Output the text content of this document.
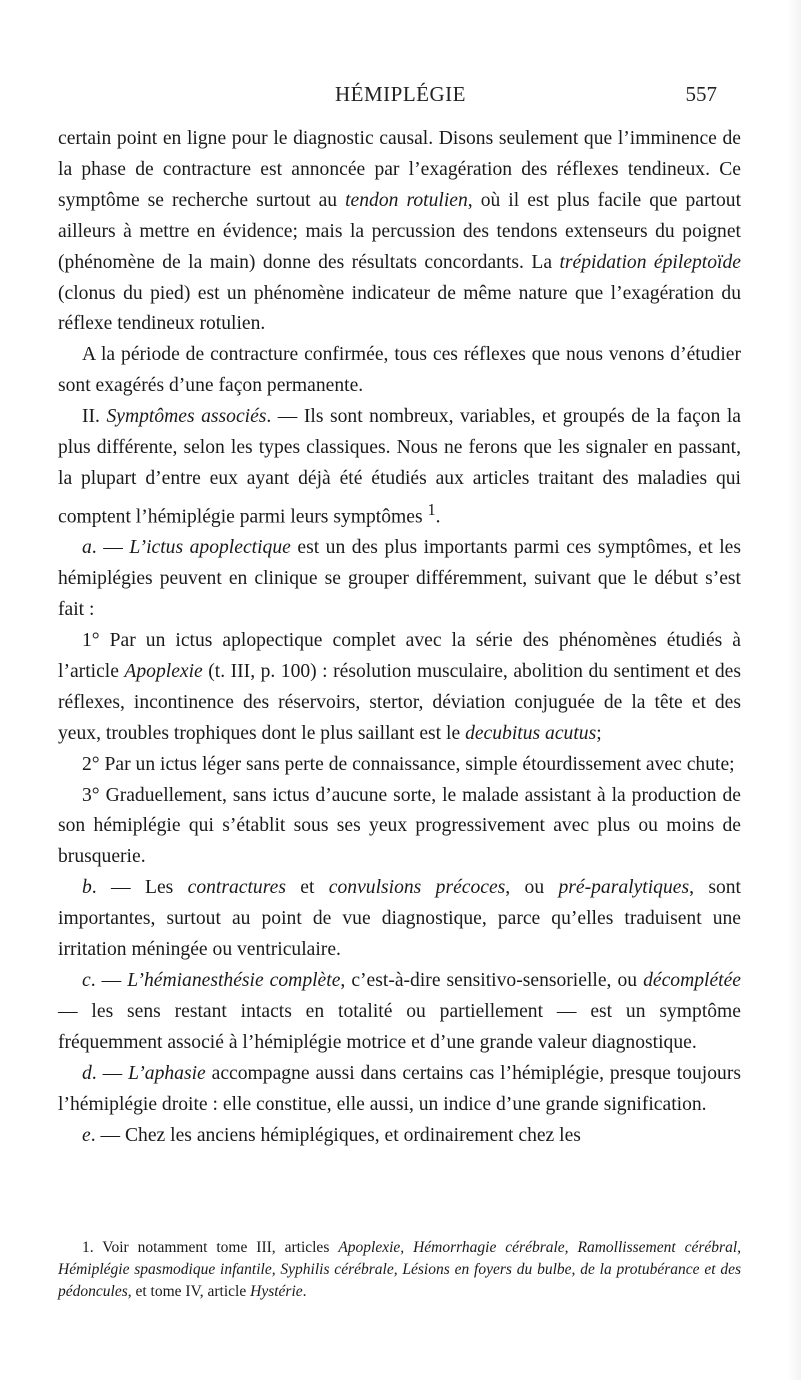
HÉMIPLÉGIE	557

certain point en ligne pour le diagnostic causal. Disons seulement que l’imminence de la phase de contracture est annoncée par l’exagération des réflexes tendineux. Ce symptôme se recherche surtout au tendon rotulien, où il est plus facile que partout ailleurs à mettre en évidence; mais la percussion des tendons extenseurs du poignet (phénomène de la main) donne des résultats concordants. La trépidation épileptoïde (clonus du pied) est un phénomène indicateur de même nature que l’exagération du réflexe tendineux rotulien.

A la période de contracture confirmée, tous ces réflexes que nous venons d’étudier sont exagérés d’une façon permanente.

II. Symptômes associés. — Ils sont nombreux, variables, et groupés de la façon la plus différente, selon les types classiques. Nous ne ferons que les signaler en passant, la plupart d’entre eux ayant déjà été étudiés aux articles traitant des maladies qui comptent l’hémiplégie parmi leurs symptômes $^1$.

a. — L’ictus apoplectique est un des plus importants parmi ces symptômes, et les hémiplégies peuvent en clinique se grouper différemment, suivant que le début s’est fait :

1° Par un ictus aplopectique complet avec la série des phénomènes étudiés à l’article Apoplexie (t. III, p. 100) : résolution musculaire, abolition du sentiment et des réflexes, incontinence des réservoirs, stertor, déviation conjuguée de la tête et des yeux, troubles trophiques dont le plus saillant est le decubitus acutus;

2° Par un ictus léger sans perte de connaissance, simple étourdissement avec chute;

3° Graduellement, sans ictus d’aucune sorte, le malade assistant à la production de son hémiplégie qui s’établit sous ses yeux progressivement avec plus ou moins de brusquerie.

b. — Les contractures et convulsions précoces, ou pré-paralytiques, sont importantes, surtout au point de vue diagnostique, parce qu’elles traduisent une irritation méningée ou ventriculaire.

c. — L’hémianesthésie complète, c’est-à-dire sensitivo-sensorielle, ou décomplétée — les sens restant intacts en totalité ou partiellement — est un symptôme fréquemment associé à l’hémiplégie motrice et d’une grande valeur diagnostique.

d. — L’aphasie accompagne aussi dans certains cas l’hémiplégie, presque toujours l’hémiplégie droite : elle constitue, elle aussi, un indice d’une grande signification.

e. — Chez les anciens hémiplégiques, et ordinairement chez les

1. Voir notamment tome III, articles Apoplexie, Hémorrhagie cérébrale, Ramollissement cérébral, Hémiplégie spasmodique infantile, Syphilis cérébrale, Lésions en foyers du bulbe, de la protubérance et des pédoncules, et tome IV, article Hystérie.
